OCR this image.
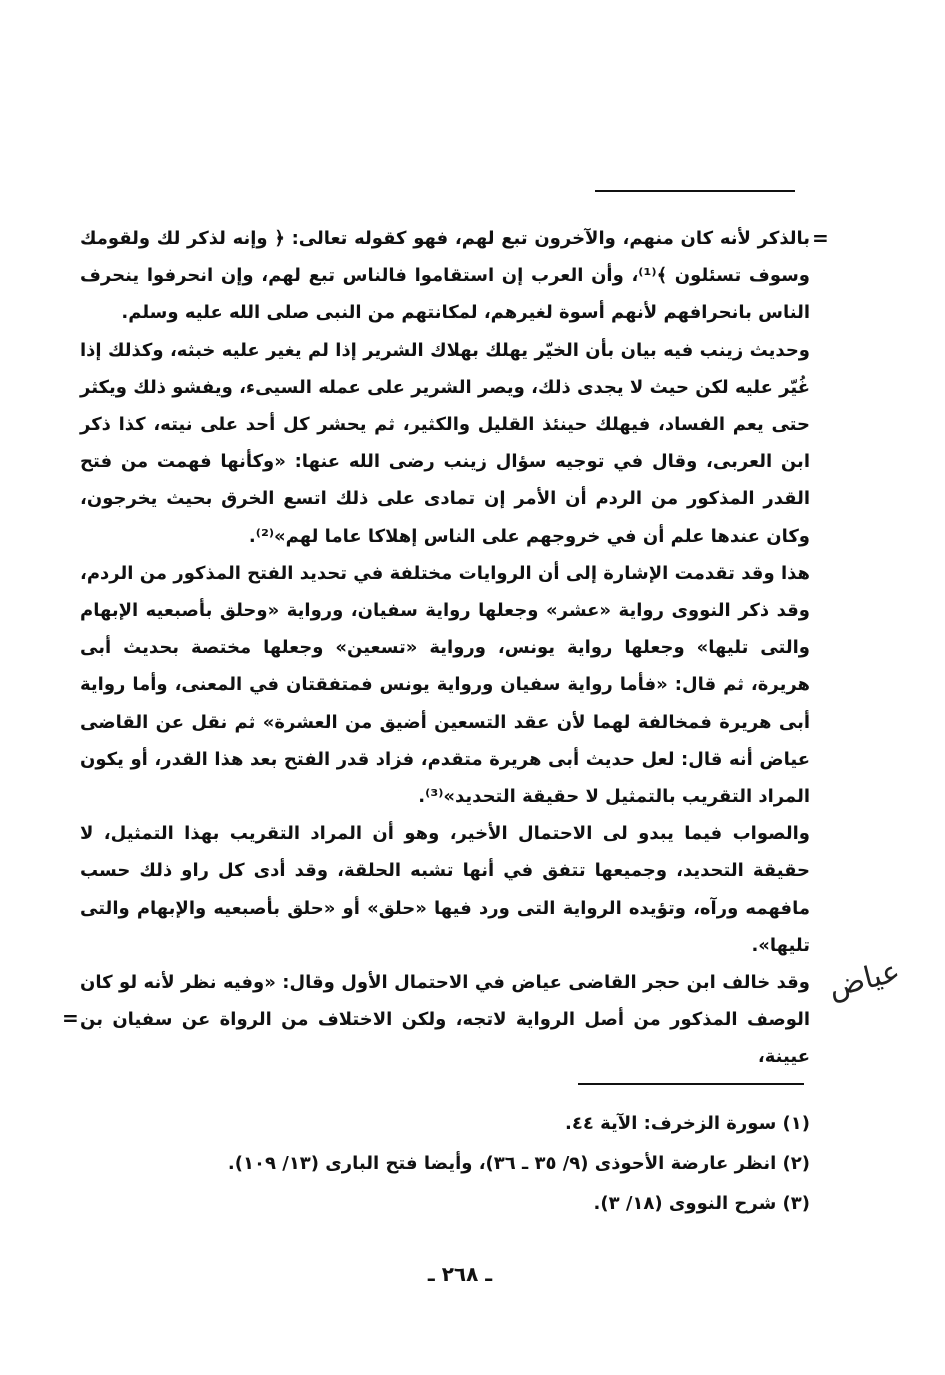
=

بالذكر لأنه كان منهم، والآخرون تبع لهم، فهو كقوله تعالى: ﴿ وإنه لذكر لك ولقومك وسوف تسئلون ﴾⁽¹⁾، وأن العرب إن استقاموا فالناس تبع لهم، وإن انحرفوا ينحرف الناس بانحرافهم لأنهم أسوة لغيرهم، لمكانتهم من النبى صلى الله عليه وسلم.

وحديث زينب فيه بيان بأن الخيّر يهلك بهلاك الشرير إذا لم يغير عليه خبثه، وكذلك إذا غُيّر عليه لكن حيث لا يجدى ذلك، ويصر الشرير على عمله السيىء، ويفشو ذلك ويكثر حتى يعم الفساد، فيهلك حينئذ القليل والكثير، ثم يحشر كل أحد على نيته، كذا ذكر ابن العربى، وقال في توجيه سؤال زينب رضى الله عنها: «وكأنها فهمت من فتح القدر المذكور من الردم أن الأمر إن تمادى على ذلك اتسع الخرق بحيث يخرجون، وكان عندها علم أن في خروجهم على الناس إهلاكا عاما لهم»⁽²⁾.

هذا وقد تقدمت الإشارة إلى أن الروايات مختلفة في تحديد الفتح المذكور من الردم، وقد ذكر النووى رواية «عشر» وجعلها رواية سفيان، ورواية «وحلق بأصبعيه الإبهام والتى تليها» وجعلها رواية يونس، ورواية «تسعين» وجعلها مختصة بحديث أبى هريرة، ثم قال: «فأما رواية سفيان ورواية يونس فمتفقتان في المعنى، وأما رواية أبى هريرة فمخالفة لهما لأن عقد التسعين أضيق من العشرة» ثم نقل عن القاضى عياض أنه قال: لعل حديث أبى هريرة متقدم، فزاد قدر الفتح بعد هذا القدر، أو يكون المراد التقريب بالتمثيل لا حقيقة التحديد»⁽³⁾.

والصواب فيما يبدو لى الاحتمال الأخير، وهو أن المراد التقريب بهذا التمثيل، لا حقيقة التحديد، وجميعها تتفق في أنها تشبه الحلقة، وقد أدى كل راو ذلك حسب مافهمه ورآه، وتؤيده الرواية التى ورد فيها «حلق» أو «حلق بأصبعيه والإبهام والتى تليها».

وقد خالف ابن حجر القاضى عياض في الاحتمال الأول وقال: «وفيه نظر لأنه لو كان الوصف المذكور من أصل الرواية لاتجه، ولكن الاختلاف من الرواة عن سفيان بن عيينة،

عياض
=

(١) سورة الزخرف: الآية ٤٤.

(٢) انظر عارضة الأحوذى (٩/ ٣٥ ـ ٣٦)، وأيضا فتح البارى (١٣/ ١٠٩).

(٣) شرح النووى (١٨/ ٣).

ـ ٢٦٨ ـ
